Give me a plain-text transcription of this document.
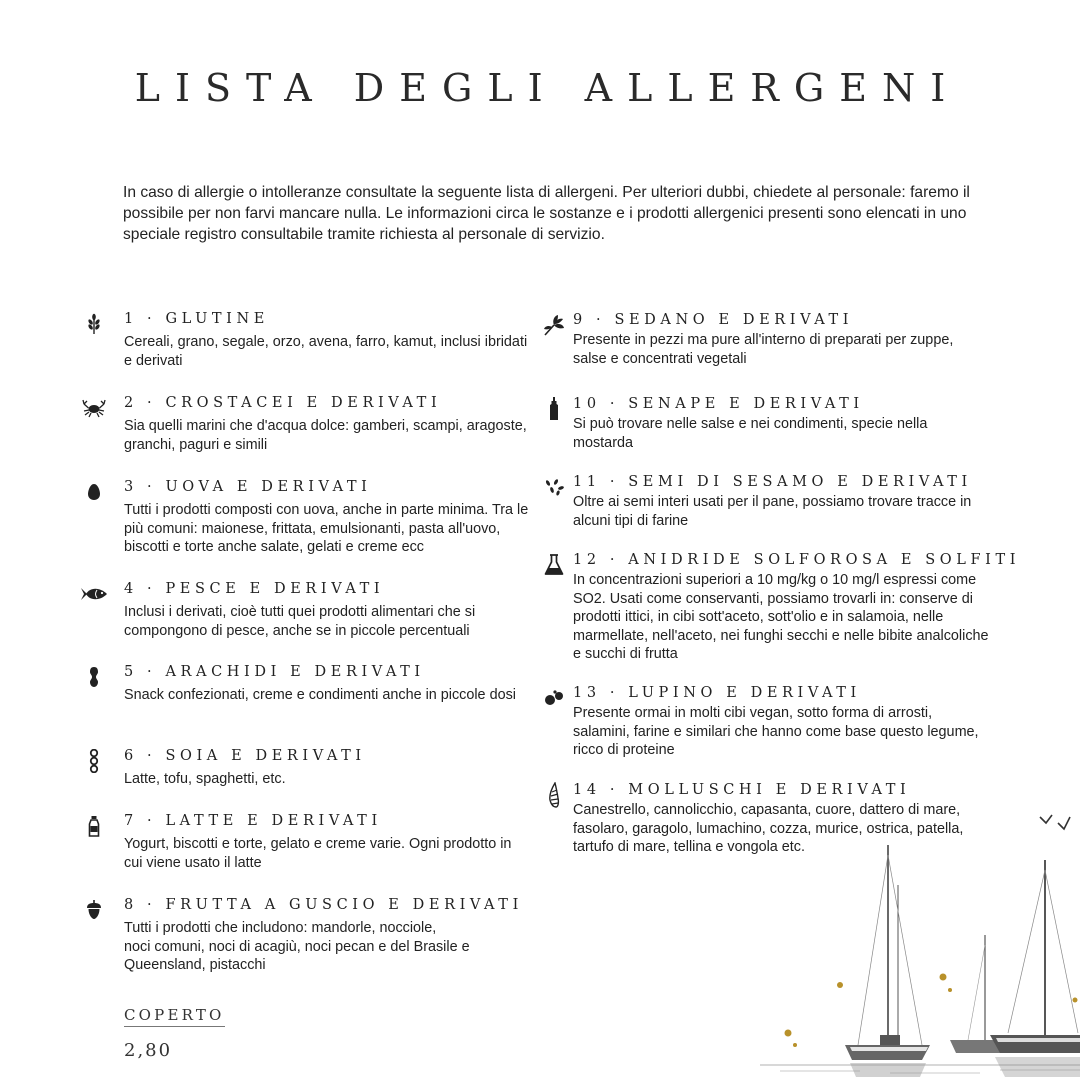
LISTA DEGLI ALLERGENI
In caso di allergie o intolleranze consultate la seguente lista di allergeni. Per ulteriori dubbi, chiedete al personale: faremo il possibile per non farvi mancare nulla. Le informazioni circa le sostanze e i prodotti allergenici presenti sono elencati in uno speciale registro consultabile tramite richiesta al personale di servizio.
1 · GLUTINE
Cereali, grano, segale, orzo, avena, farro, kamut, inclusi ibridati e derivati
2 · CROSTACEI E DERIVATI
Sia quelli marini che d'acqua dolce: gamberi, scampi, aragoste, granchi, paguri e simili
3 · UOVA E DERIVATI
Tutti i prodotti composti con uova, anche in parte minima. Tra le più comuni: maionese, frittata, emulsionanti, pasta all'uovo, biscotti e torte anche salate, gelati e creme ecc
4 · PESCE E DERIVATI
Inclusi i derivati, cioè tutti quei prodotti alimentari che si compongono di pesce, anche se in piccole percentuali
5 · ARACHIDI E DERIVATI
Snack confezionati, creme e condimenti anche in piccole dosi
6 · SOIA E DERIVATI
Latte, tofu, spaghetti, etc.
7 · LATTE E DERIVATI
Yogurt, biscotti e torte, gelato e creme varie. Ogni prodotto in cui viene usato il latte
8 · FRUTTA A GUSCIO E DERIVATI
Tutti i prodotti che includono: mandorle, nocciole,
noci comuni, noci di acagiù, noci pecan e del Brasile e Queensland, pistacchi
9 · SEDANO E DERIVATI
Presente in pezzi ma pure all'interno di preparati per zuppe, salse e concentrati vegetali
10 · SENAPE E DERIVATI
Si può trovare nelle salse e nei condimenti, specie nella mostarda
11 · SEMI DI SESAMO E DERIVATI
Oltre ai semi interi usati per il pane, possiamo trovare tracce in alcuni tipi di farine
12 · ANIDRIDE SOLFOROSA E SOLFITI
In concentrazioni superiori a 10 mg/kg o 10 mg/l espressi come SO2. Usati come conservanti, possiamo trovarli in: conserve di prodotti ittici, in cibi sott'aceto, sott'olio e in salamoia, nelle marmellate, nell'aceto, nei funghi secchi e nelle bibite analcoliche e succhi di frutta
13 · LUPINO E DERIVATI
Presente ormai in molti cibi vegan, sotto forma di arrosti, salamini, farine e similari che hanno come base questo legume, ricco di proteine
14 · MOLLUSCHI E DERIVATI
Canestrello, cannolicchio, capasanta, cuore, dattero di mare, fasolaro, garagolo, lumachino, cozza, murice, ostrica, patella, tartufo di mare, tellina e vongola etc.
COPERTO
2,80
